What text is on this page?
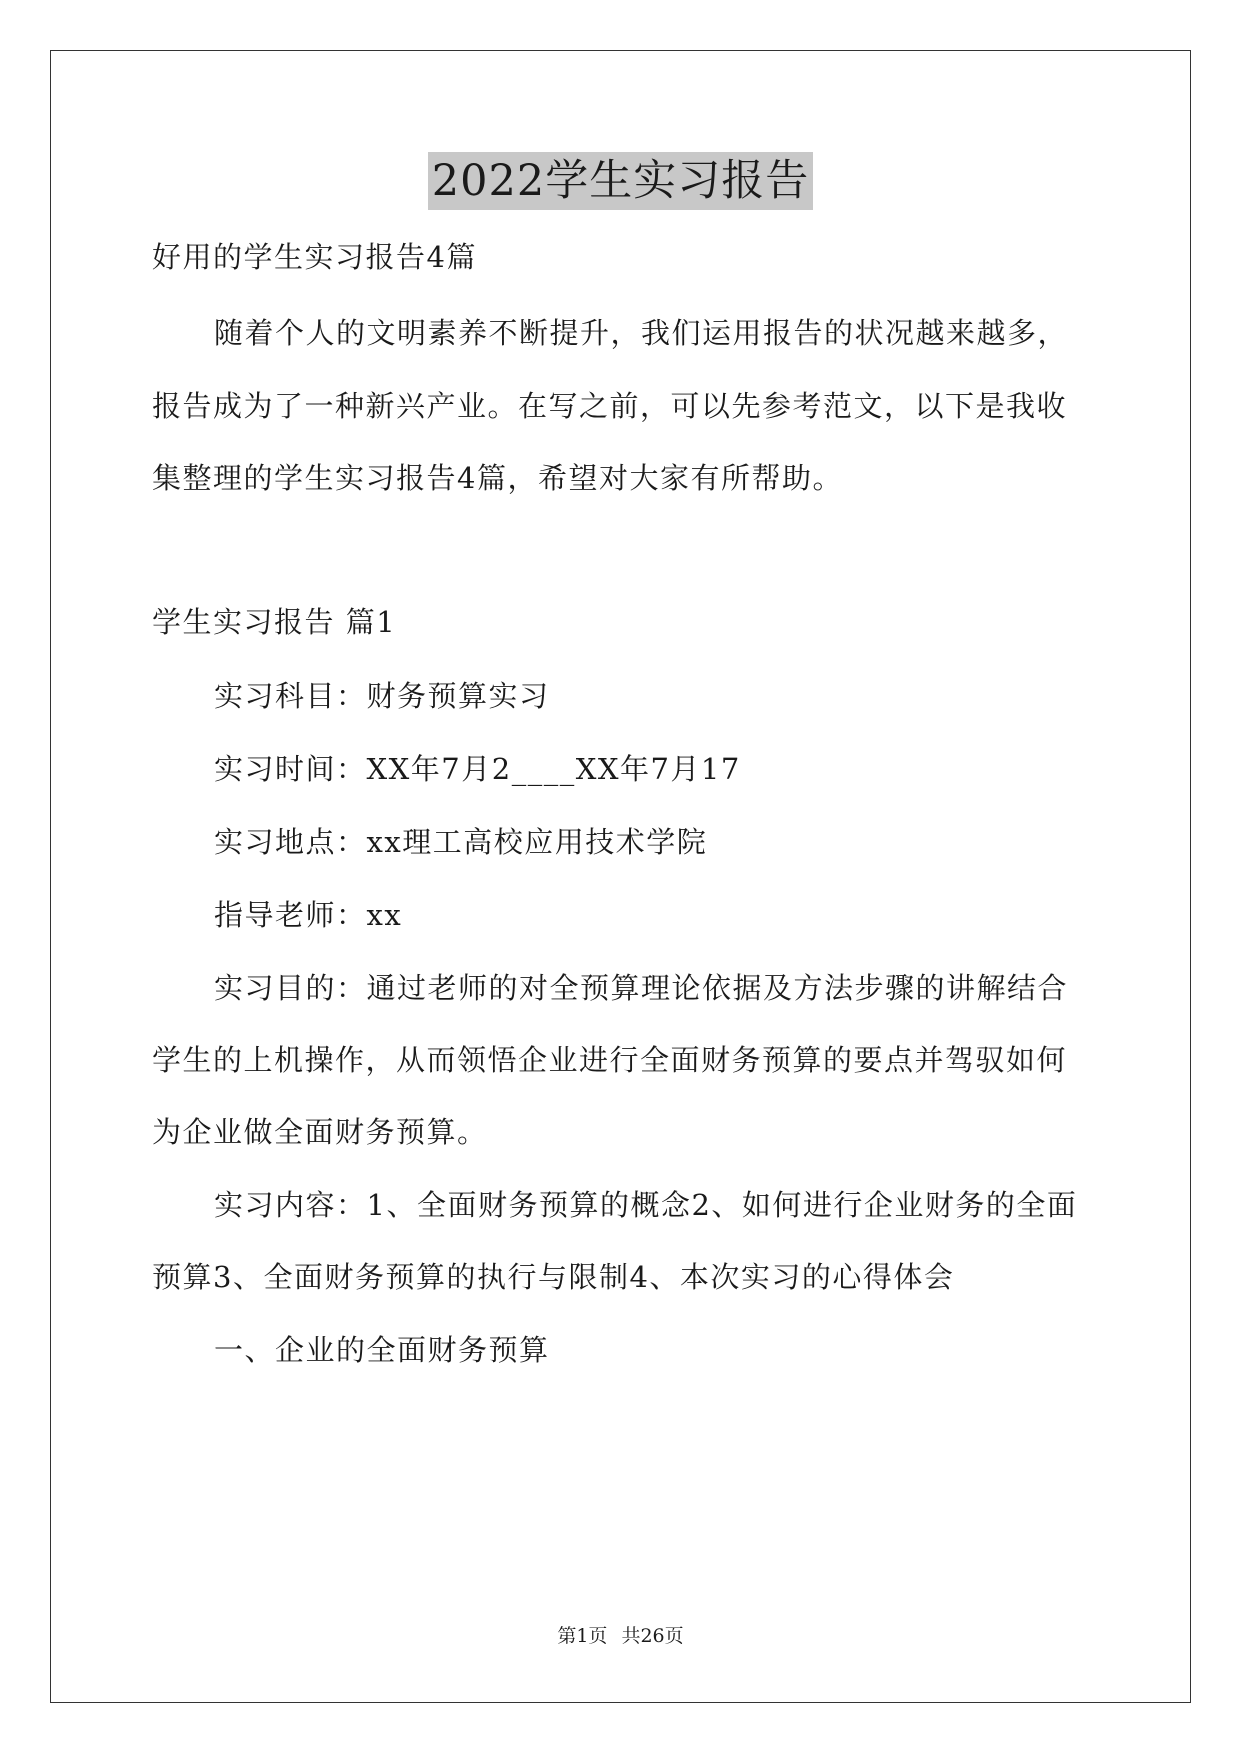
2022学生实习报告
好用的学生实习报告4篇
随着个人的文明素养不断提升，我们运用报告的状况越来越多，
报告成为了一种新兴产业。在写之前，可以先参考范文，以下是我收
集整理的学生实习报告4篇，希望对大家有所帮助。
学生实习报告 篇1
实习科目：财务预算实习
实习时间：XX年7月2____XX年7月17
实习地点：xx理工高校应用技术学院
指导老师：xx
实习目的：通过老师的对全预算理论依据及方法步骤的讲解结合
学生的上机操作，从而领悟企业进行全面财务预算的要点并驾驭如何
为企业做全面财务预算。
实习内容：1、全面财务预算的概念2、如何进行企业财务的全面
预算3、全面财务预算的执行与限制4、本次实习的心得体会
一、企业的全面财务预算
第1页 共26页
